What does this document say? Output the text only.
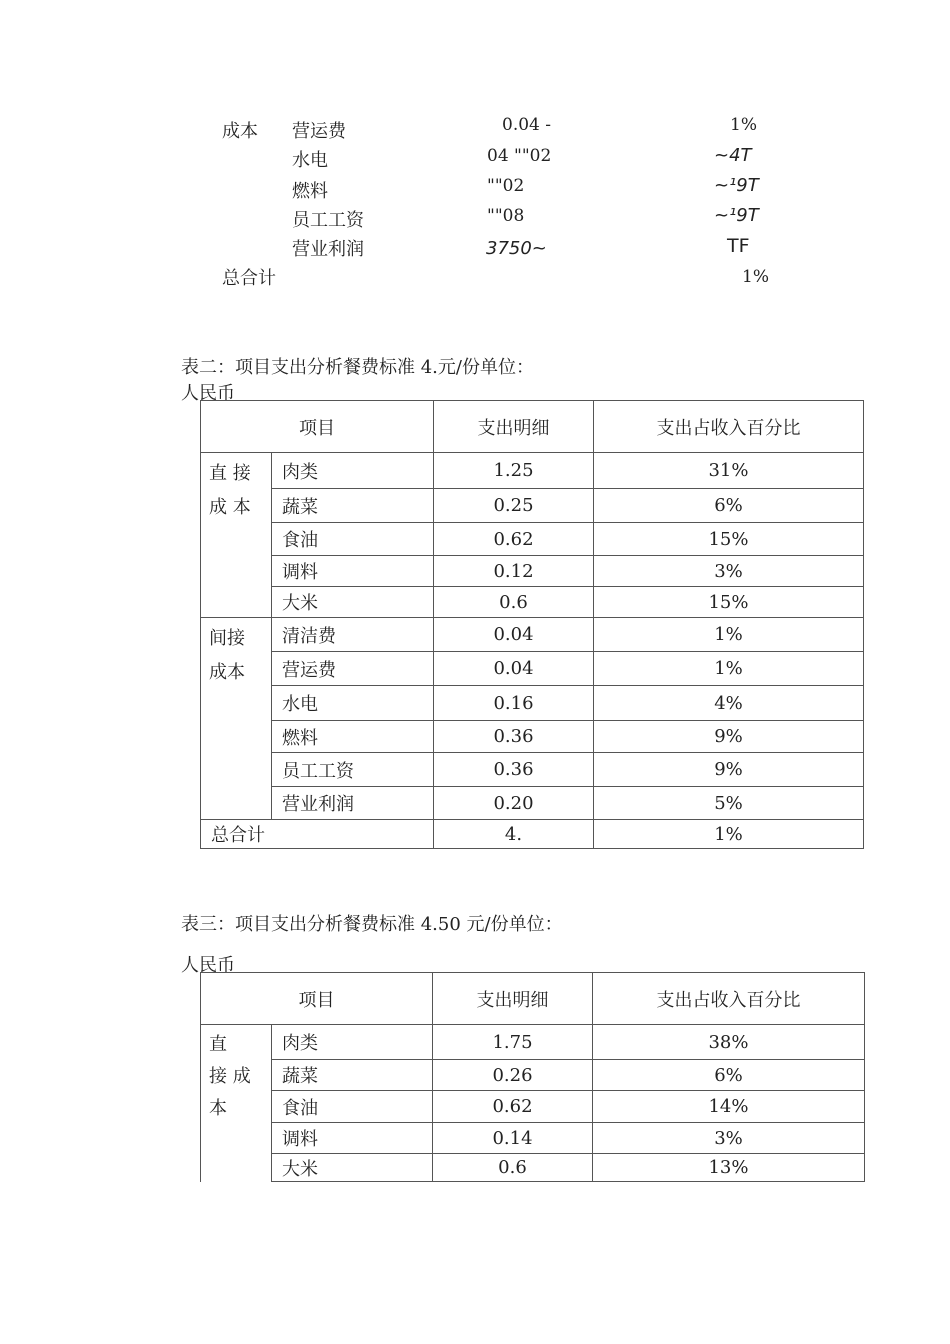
成本 营运费	0.04 -	1%
水电	04 ""02	~4T
燃料	""02	~¹9T
员工工资	""08	~¹9T
营业利润	3750~	TF
总合计	1%
表二：项目支出分析餐费标准 4.元/份单位：
人民币
项目		支出明细	支出占收入百分比

直 接
成 本	肉类	1.25	31%
	蔬菜	0.25	6%
	食油	0.62	15%
	调料	0.12	3%
	大米	0.6	15%

间接
成本	清洁费	0.04	1%
	营运费	0.04	1%
	水电	0.16	4%
	燃料	0.36	9%
	员工工资	0.36	9%
	营业利润	0.20	5%
总合计		4.	1%
表三：项目支出分析餐费标准 4.50 元/份单位：
人民币
项目		支出明细	支出占收入百分比

直
接 成
本	肉类	1.75	38%
	蔬菜	0.26	6%
	食油	0.62	14%
	调料	0.14	3%
	大米	0.6	13%
